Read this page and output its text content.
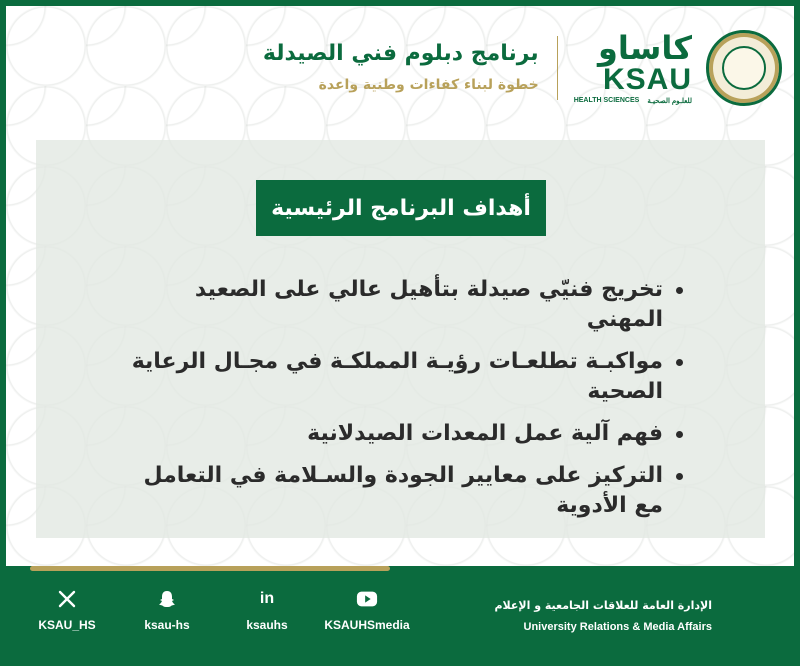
برنامج دبلوم فني الصيدلة
خطوة لبناء كفاءات وطنية واعدة
كاساو
KSAU
HEALTH SCIENCES للعلـوم الصحيـة
أهداف البرنامج الرئيسية
تخريج فنيّي صيدلة بتأهيل عالي على الصعيد المهني
مواكبـة تطلعـات رؤيـة المملكـة في مجـال الرعاية الصحية
فهم آلية عمل المعدات الصيدلانية
التركيز على معايير الجودة والسـلامة في التعامل مع الأدوية
KSAU_HS	ksau-hs
in
ksauhs	KSAUHSmedia
الإدارة العامة للعلاقات الجامعية و الإعلام
University Relations & Media Affairs
